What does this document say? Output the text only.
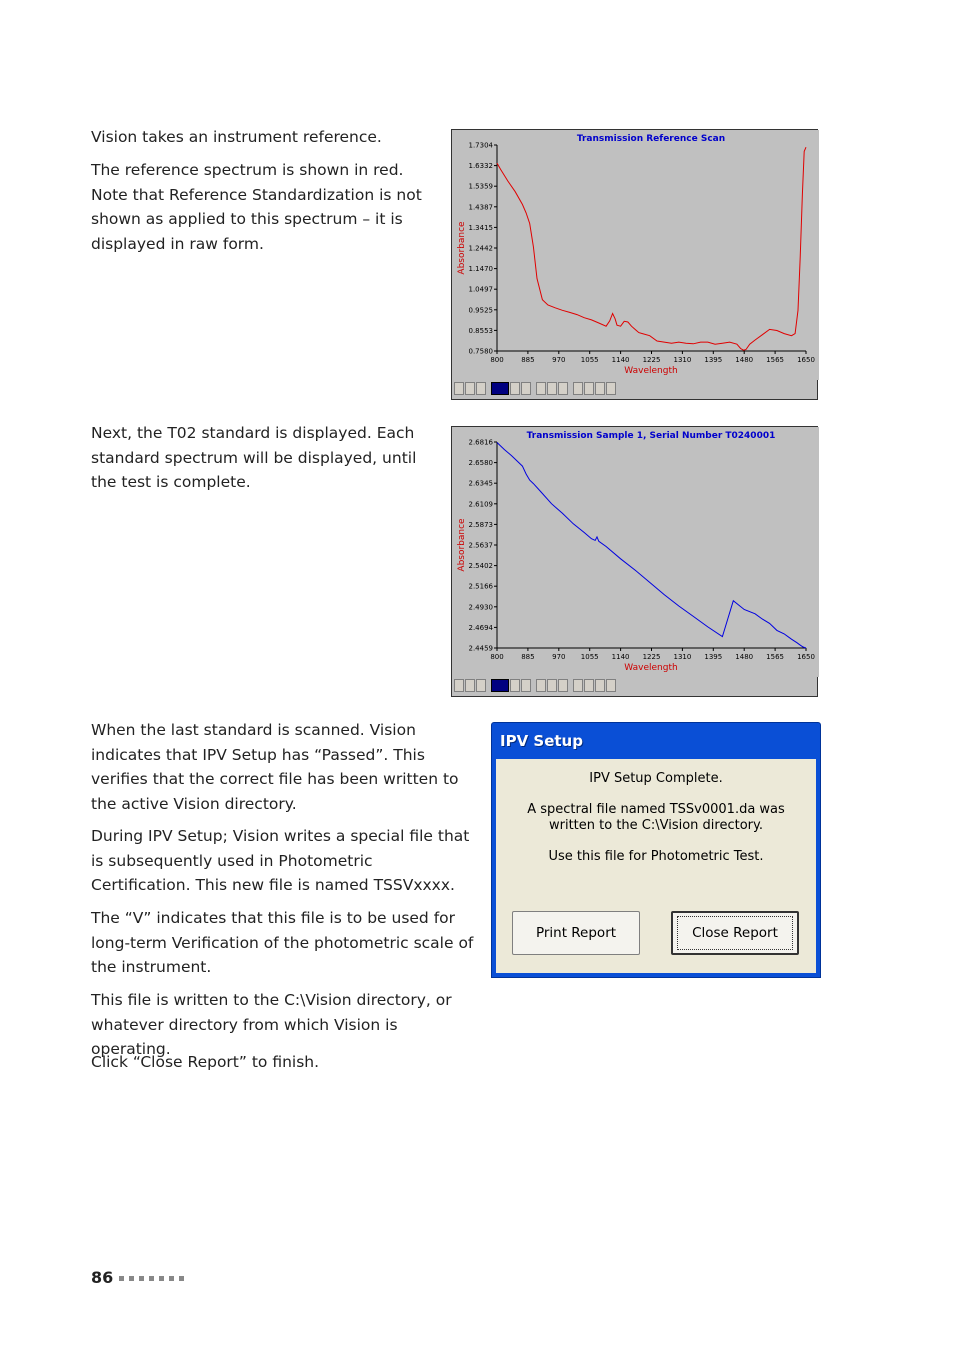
Vision takes an instrument reference.

The reference spectrum is shown in red. Note that Reference Standardization is not shown as applied to this spectrum – it is displayed in raw form.

Next, the T02 standard is displayed. Each standard spectrum will be displayed, until the test is complete.

When the last standard is scanned. Vision indicates that IPV Setup has “Passed”. This verifies that the correct file has been written to the active Vision directory.

During IPV Setup; Vision writes a special file that is subsequently used in Photometric Certification. This new file is named TSSVxxxx.

The “V” indicates that this file is to be used for long-term Verification of the photometric scale of the instrument.

This file is written to the C:\Vision directory, or whatever directory from which Vision is operating.

Click “Close Report” to finish.

Transmission Reference Scan
0.7580
0.8553
0.9525
1.0497
1.1470
1.2442
1.3415
1.4387
1.5359
1.6332
1.7304
800	885	970 1055 1140 1225 1310 1395 1480 1565 1650
Wavelength
Absorbance
Transmission Sample 1, Serial Number T0240001
2.4459
2.4694
2.4930
2.5166
2.5402
2.5637
2.5873
2.6109
2.6345
2.6580
2.6816
800	885	970 1055 1140 1225 1310 1395 1480 1565 1650
Wavelength
Absorbance
IPV Setup

IPV Setup Complete.

A spectral file named TSSv0001.da was

written to the C:\Vision directory.

Use this file for Photometric Test.

Print Report	Close Report
86
